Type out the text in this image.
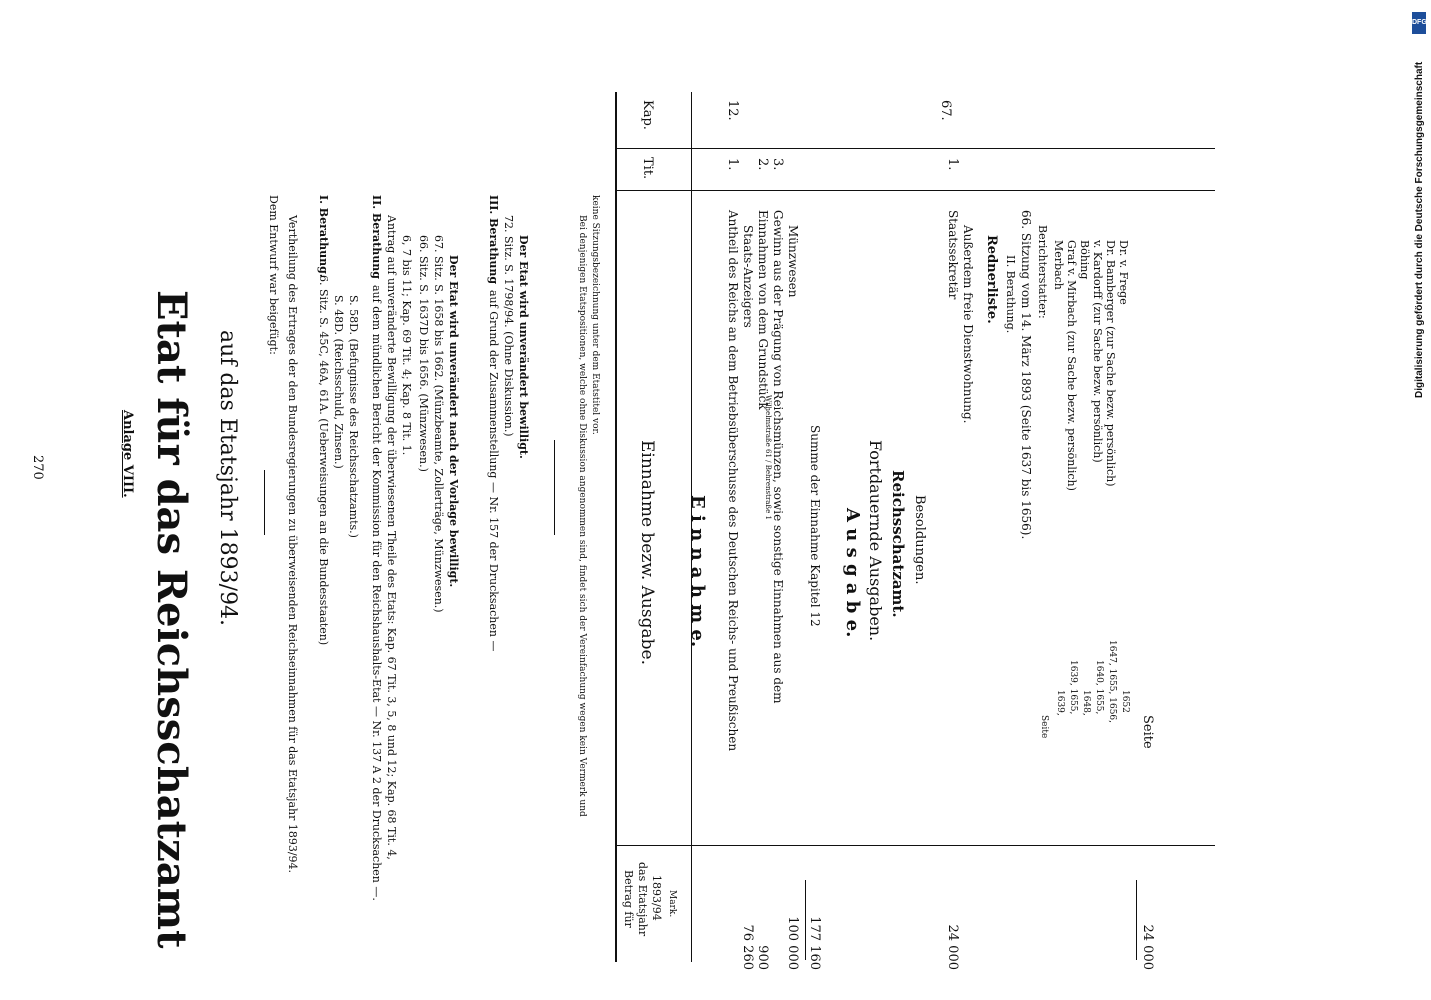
270	Anlage VIII. Etat für das Reichsschatzamt auf das Etatsjahr 1893/94.
Dem Entwurf war beigefügt: Vertheilung des Ertrages der den Bundesregierungen zu überweisenden Reichseinnahmen für das Etatsjahr 1893/94. I. Berathung.
6. Sitz. S. 45C, 46A, 61A. (Ueberweisungen an die Bundesstaaten) S. 48D. (Reichsschuld, Zinsen.) S. 58D. (Befugnisse des Reichsschatzamts.)
II. Berathung
auf dem mündlichen Bericht der Kommission für den Reichshaushalts-Etat — Nr. 137 A 2 der Drucksachen —. Antrag auf unveränderte Bewilligung der überwiesenen Theile des Etats: Kap. 67 Tit. 3, 5, 8 und 12; Kap. 68 Tit. 4, 6, 7 bis 11; Kap. 69 Tit. 4; Kap. 8 Tit. 1. 66. Sitz. S. 1637D bis 1656. (Münzwesen.) 67. Sitz. S. 1658 bis 1662. (Münzbeamte, Zollerträge, Münzwesen.) Der Etat wird unverändert nach der Vorlage bewilligt.
III. Berathung
auf Grund der Zusammenstellung — Nr. 157 der Drucksachen — 72. Sitz. S. 1798/94. (Ohne Diskussion.) Der Etat wird unverändert bewilligt.	Bei denjenigen Etatspositionen, welche ohne Diskussion angenommen sind, findet sich der Vereinfachung wegen kein Vermerk und keine Sitzungsbezeichnung unter dem Etatstitel vor.
Kap.
Tit.
Einnahme bezw. Ausgabe.
Betrag für das Etatsjahr 1893/94 Mark.
E i n n a h m e.
12.
1.
Antheil des Reichs an dem Betriebsüberschusse des Deutschen Reichs- und Preußischen Staats-Anzeigers
76 260
2.
Einnahmen von dem Grundstück
Wilhelmstraße 61 / Behrenstraße 1
900
3.
Gewinn aus der Prägung von Reichsmünzen, sowie sonstige Einnahmen aus dem Münzwesen
100 000
Summe der Einnahme Kapitel 12
177 160
A u s g a b e. Fortdauernde Ausgaben. Reichsschatzamt. Besoldungen.
67.
1.
Staatssekretär Außerdem freie Dienstwohnung.
24 000
Rednerliste. II. Berathung. 66. Sitzung vom 14. März 1893 (Seite 1637 bis 1656). Berichterstatter:
Seite
Merbach
1639,
Graf v. Mirbach (zur Sache bezw. persönlich)
1639, 1655,
Böhing
1648,
v. Kardorff (zur Sache bezw. persönlich)
1640, 1655,
Dr. Bamberger (zur Sache bezw. persönlich)
1647, 1655, 1656,
Dr. v. Frege
1652
Seite
24 000
DFG
Digitalisierung gefördert durch die Deutsche Forschungsgemeinschaft
